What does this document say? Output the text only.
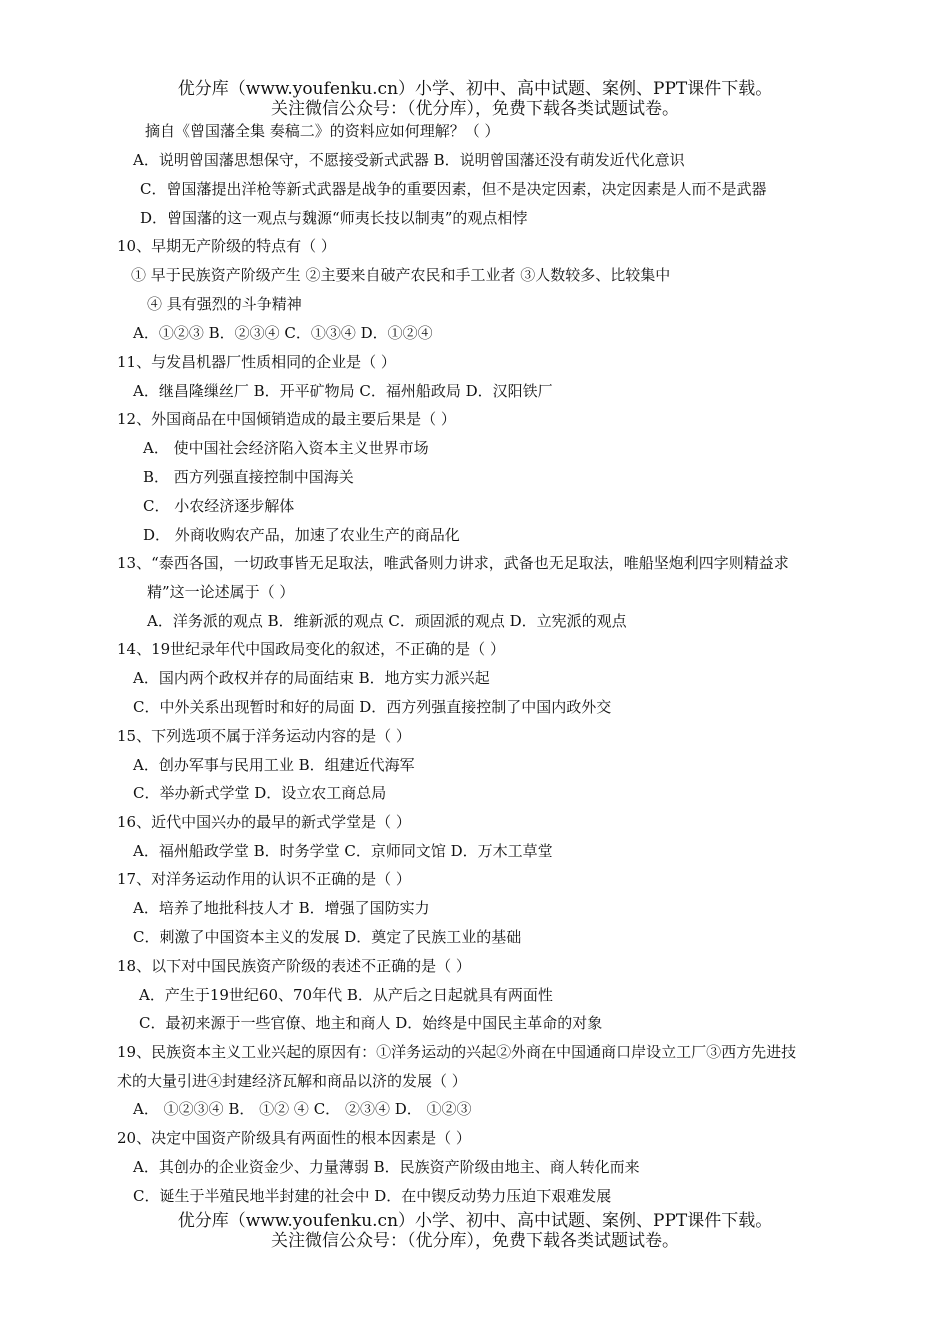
优分库（www.youfenku.cn）小学、初中、高中试题、案例、PPT课件下载。
关注微信公众号：（优分库），免费下载各类试题试卷。
摘自《曾国藩全集 奏稿二》的资料应如何理解？（ ）
A．说明曾国藩思想保守，不愿接受新式武器 B．说明曾国藩还没有萌发近代化意识
C．曾国藩提出洋枪等新式武器是战争的重要因素，但不是决定因素，决定因素是人而不是武器
D．曾国藩的这一观点与魏源“师夷长技以制夷”的观点相悖
10、早期无产阶级的特点有（ ）
① 早于民族资产阶级产生 ②主要来自破产农民和手工业者 ③人数较多、比较集中
④ 具有强烈的斗争精神
A．①②③ B．②③④ C．①③④ D．①②④
11、与发昌机器厂性质相同的企业是（ ）
A．继昌隆缫丝厂 B．开平矿物局 C．福州船政局 D．汉阳铁厂
12、外国商品在中国倾销造成的最主要后果是（ ）
A． 使中国社会经济陷入资本主义世界市场
B． 西方列强直接控制中国海关
C． 小农经济逐步解体
D． 外商收购农产品，加速了农业生产的商品化
13、“泰西各国，一切政事皆无足取法，唯武备则力讲求，武备也无足取法，唯船坚炮利四字则精益求
精”这一论述属于（ ）
A．洋务派的观点 B．维新派的观点 C．顽固派的观点 D．立宪派的观点
14、19世纪录年代中国政局变化的叙述，不正确的是（ ）
A．国内两个政权并存的局面结束 B．地方实力派兴起
C．中外关系出现暂时和好的局面 D．西方列强直接控制了中国内政外交
15、下列选项不属于洋务运动内容的是（ ）
A．创办军事与民用工业 B．组建近代海军
C．举办新式学堂 D．设立农工商总局
16、近代中国兴办的最早的新式学堂是（ ）
A．福州船政学堂 B．时务学堂 C．京师同文馆 D．万木工草堂
17、对洋务运动作用的认识不正确的是（ ）
A．培养了地批科技人才 B．增强了国防实力
C．刺激了中国资本主义的发展 D．奠定了民族工业的基础
18、以下对中国民族资产阶级的表述不正确的是（ ）
A．产生于19世纪60、70年代 B．从产后之日起就具有两面性
C．最初来源于一些官僚、地主和商人 D．始终是中国民主革命的对象
19、民族资本主义工业兴起的原因有：①洋务运动的兴起②外商在中国通商口岸设立工厂③西方先进技
术的大量引进④封建经济瓦解和商品以济的发展（ ）
A． ①②③④ B． ①② ④ C． ②③④ D． ①②③
20、决定中国资产阶级具有两面性的根本因素是（ ）
A．其创办的企业资金少、力量薄弱 B．民族资产阶级由地主、商人转化而来
C．诞生于半殖民地半封建的社会中 D．在中锲反动势力压迫下艰难发展
优分库（www.youfenku.cn）小学、初中、高中试题、案例、PPT课件下载。
关注微信公众号：（优分库），免费下载各类试题试卷。
